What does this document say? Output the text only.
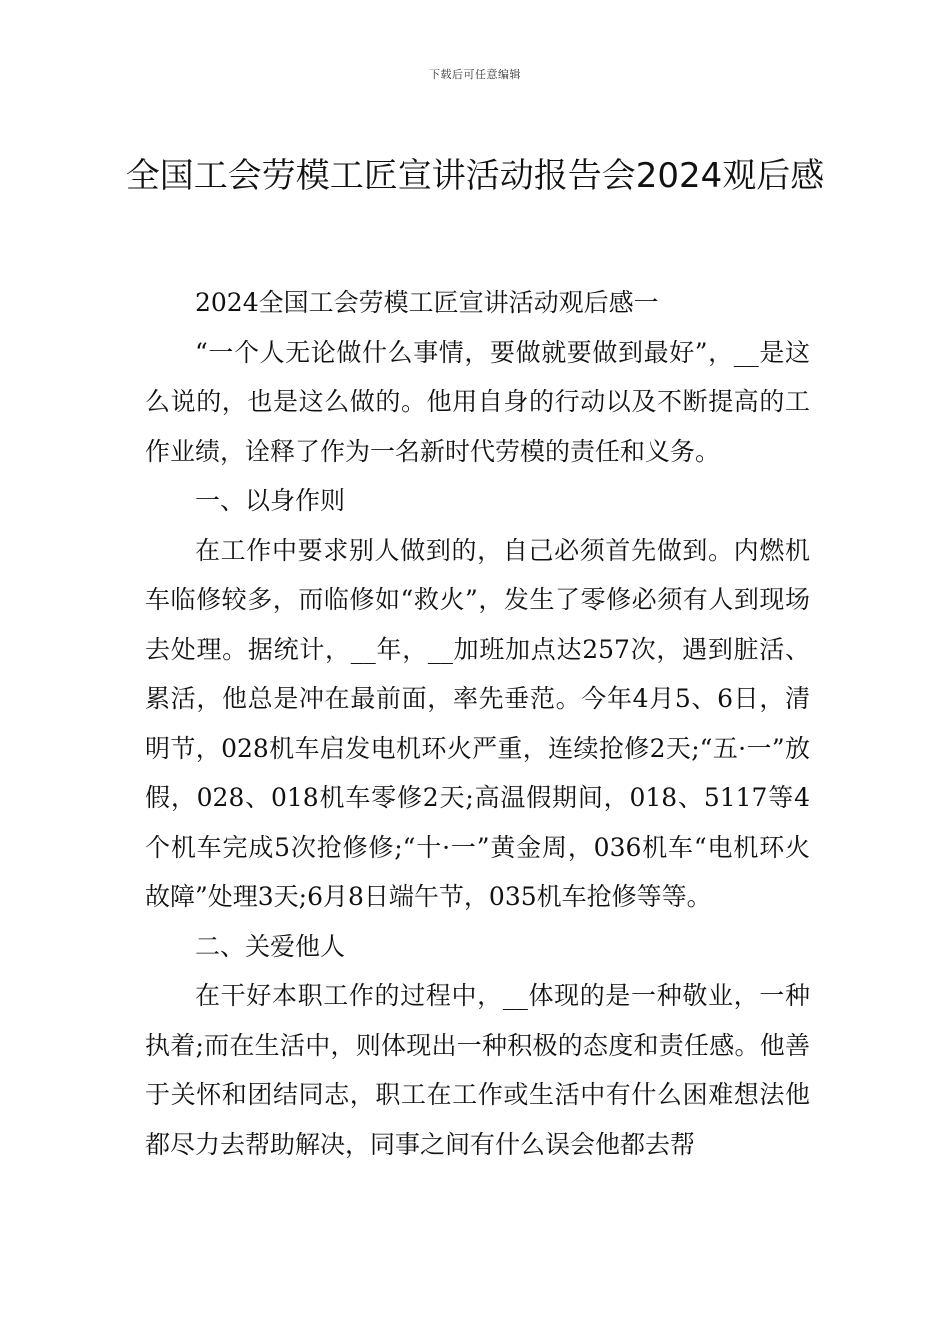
下载后可任意编辑
全国工会劳模工匠宣讲活动报告会2024观后感

2024全国工会劳模工匠宣讲活动观后感一

“一个人无论做什么事情，要做就要做到最好”，__是这么说的，也是这么做的。他用自身的行动以及不断提高的工作业绩，诠释了作为一名新时代劳模的责任和义务。

一、以身作则

在工作中要求别人做到的，自己必须首先做到。内燃机车临修较多，而临修如“救火”，发生了零修必须有人到现场去处理。据统计，__年，__加班加点达257次，遇到脏活、累活，他总是冲在最前面，率先垂范。今年4月5、6日，清明节，028机车启发电机环火严重，连续抢修2天;“五·一”放假，028、018机车零修2天;高温假期间，018、5117等4个机车完成5次抢修修;“十·一”黄金周，036机车“电机环火故障”处理3天;6月8日端午节，035机车抢修等等。

二、关爱他人

在干好本职工作的过程中，__体现的是一种敬业，一种执着;而在生活中，则体现出一种积极的态度和责任感。他善于关怀和团结同志，职工在工作或生活中有什么困难想法他都尽力去帮助解决，同事之间有什么误会他都去帮
